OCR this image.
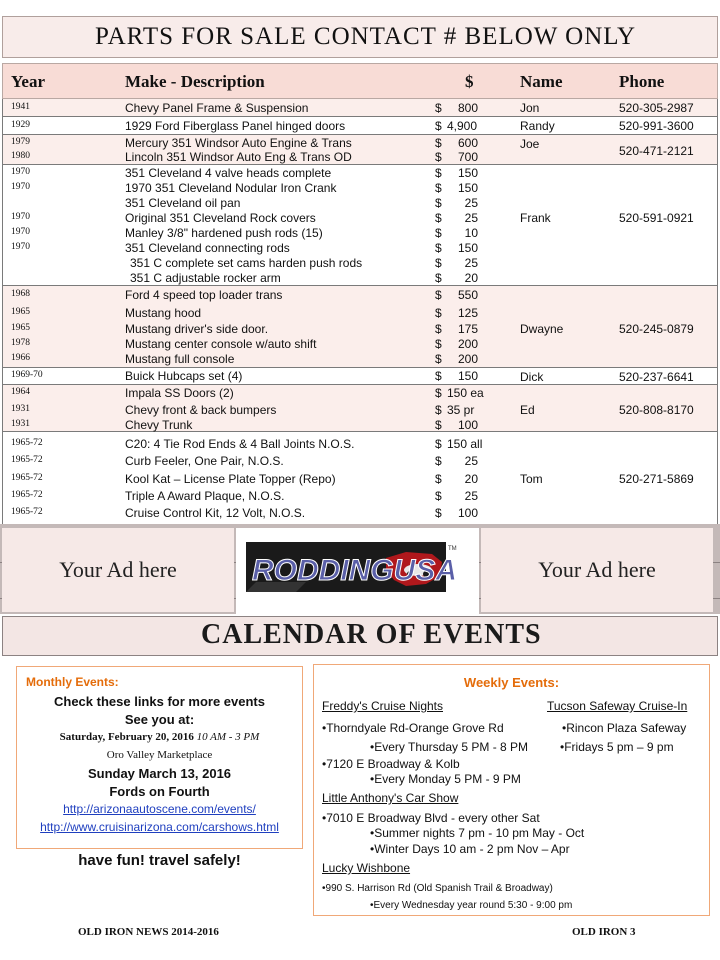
PARTS FOR SALE CONTACT # BELOW ONLY
Year	Make - Description	$	Name	Phone
1941	Chevy Panel Frame & Suspension	$	800	Jon	520-305-2987
1929	1929 Ford Fiberglass Panel hinged doors	$ 4,900	Randy	520-991-3600
1979	Mercury 351 Windsor Auto Engine & Trans	$	600
1980	Lincoln 351 Windsor Auto Eng & Trans OD	$	700
Joe	520-471-2121
1970	351 Cleveland 4 valve heads complete	$	150
1970	1970 351 Cleveland Nodular Iron Crank	$	150
351 Cleveland oil pan	$	25
1970	Original 351 Cleveland Rock covers	$	25
1970	Manley 3/8" hardened push rods (15)	$	10
1970	351 Cleveland connecting rods	$	150
351 C complete set cams harden push rods	$	25
351 C adjustable rocker arm	$	20
Frank	520-591-0921
1968	Ford 4 speed top loader trans	$	550
1965	Mustang hood	$	125
1965	Mustang driver's side door.	$	175
1978	Mustang center console w/auto shift	$	200
1966	Mustang full console	$	200
Dwayne	520-245-0879
1969-70	Buick Hubcaps set (4)	$	150	Dick	520-237-6641
1964	Impala SS Doors (2)	$ 150 ea
1931	Chevy front & back bumpers	$ 35 pr
1931	Chevy Trunk	$	100
Ed	520-808-8170
1965-72	C20: 4 Tie Rod Ends & 4 Ball Joints N.O.S.	$ 150 all
1965-72	Curb Feeler, One Pair, N.O.S.	$	25
1965-72	Kool Kat – License Plate Topper (Repo)	$	20
1965-72	Triple A Award Plaque, N.O.S.	$	25
1965-72	Cruise Control Kit, 12 Volt, N.O.S.	$	100
Tom	520-271-5869
Your Ad here	RODDINGUSA
TM
Your Ad here
CALENDAR OF EVENTS
Monthly Events:
Check these links for more events
See you at:
Saturday, February 20, 2016 10 AM - 3 PM
Oro Valley Marketplace
Sunday March 13, 2016
Fords on Fourth
http://arizonaautoscene.com/events/
http://www.cruisinarizona.com/carshows.html
have fun! travel safely!
Weekly Events:
Freddy's Cruise Nights	Tucson Safeway Cruise-In
•Thorndyale Rd-Orange Grove Rd	•Rincon Plaza Safeway
•Every Thursday 5 PM - 8 PM	•Fridays 5 pm – 9 pm
•7120 E Broadway & Kolb
•Every Monday 5 PM - 9 PM
Little Anthony's Car Show
•7010 E Broadway Blvd - every other Sat
•Summer nights 7 pm - 10 pm May - Oct
•Winter Days 10 am - 2 pm Nov – Apr
Lucky Wishbone
•990 S. Harrison Rd (Old Spanish Trail & Broadway)
•Every Wednesday year round 5:30 - 9:00 pm
OLD IRON NEWS 2014-2016	OLD IRON 3
